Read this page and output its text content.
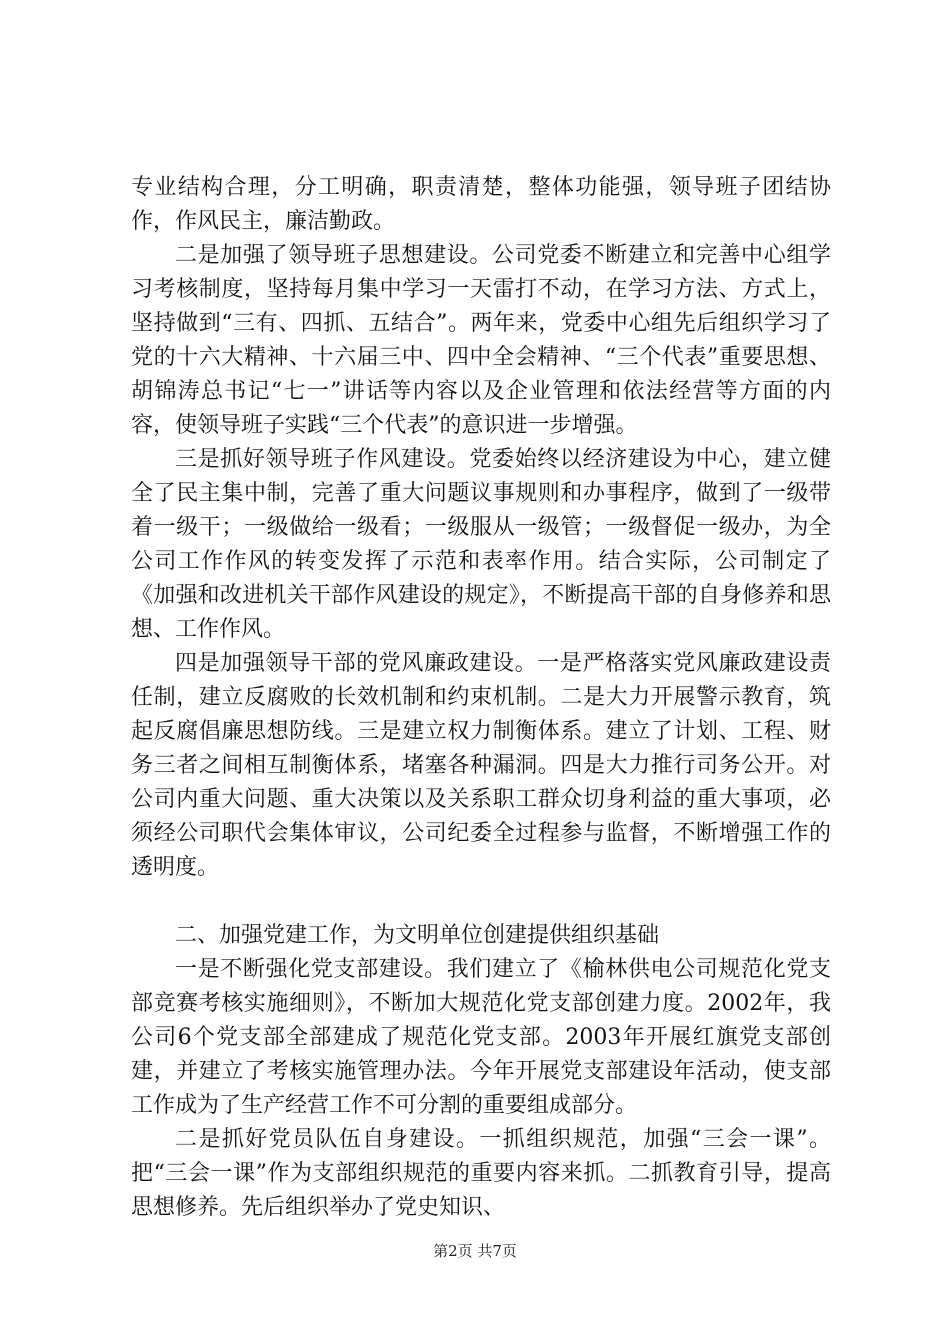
专业结构合理，分工明确，职责清楚，整体功能强，领导班子团结协作，作风民主，廉洁勤政。

二是加强了领导班子思想建设。公司党委不断建立和完善中心组学习考核制度，坚持每月集中学习一天雷打不动，在学习方法、方式上，坚持做到“三有、四抓、五结合”。两年来，党委中心组先后组织学习了党的十六大精神、十六届三中、四中全会精神、“三个代表”重要思想、胡锦涛总书记“七一”讲话等内容以及企业管理和依法经营等方面的内容，使领导班子实践“三个代表”的意识进一步增强。

三是抓好领导班子作风建设。党委始终以经济建设为中心，建立健全了民主集中制，完善了重大问题议事规则和办事程序，做到了一级带着一级干；一级做给一级看；一级服从一级管；一级督促一级办，为全公司工作作风的转变发挥了示范和表率作用。结合实际，公司制定了《加强和改进机关干部作风建设的规定》，不断提高干部的自身修养和思想、工作作风。

四是加强领导干部的党风廉政建设。一是严格落实党风廉政建设责任制，建立反腐败的长效机制和约束机制。二是大力开展警示教育，筑起反腐倡廉思想防线。三是建立权力制衡体系。建立了计划、工程、财务三者之间相互制衡体系，堵塞各种漏洞。四是大力推行司务公开。对公司内重大问题、重大决策以及关系职工群众切身利益的重大事项，必须经公司职代会集体审议，公司纪委全过程参与监督，不断增强工作的透明度。

二、加强党建工作，为文明单位创建提供组织基础

一是不断强化党支部建设。我们建立了《榆林供电公司规范化党支部竞赛考核实施细则》，不断加大规范化党支部创建力度。2002年，我公司6个党支部全部建成了规范化党支部。2003年开展红旗党支部创建，并建立了考核实施管理办法。今年开展党支部建设年活动，使支部工作成为了生产经营工作不可分割的重要组成部分。

二是抓好党员队伍自身建设。一抓组织规范，加强“三会一课”。把“三会一课”作为支部组织规范的重要内容来抓。二抓教育引导，提高思想修养。先后组织举办了党史知识、

第2页 共7页
